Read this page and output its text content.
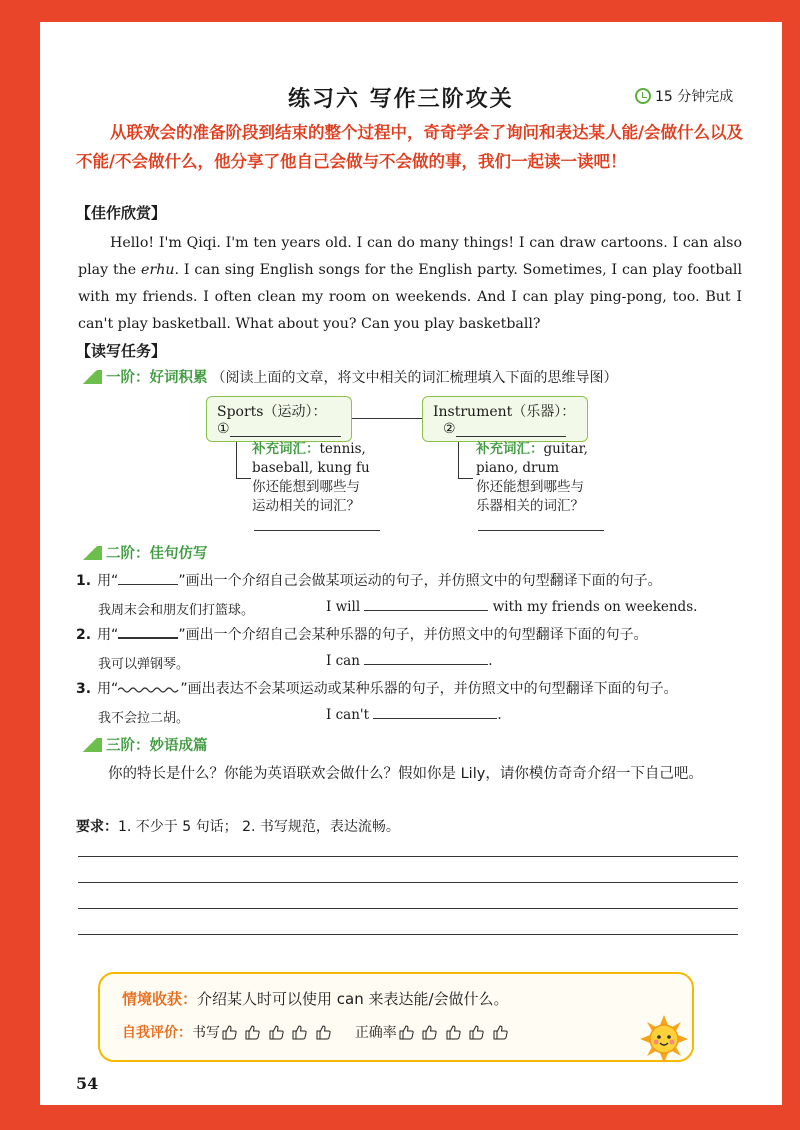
练习六 写作三阶攻关	15 分钟完成
从联欢会的准备阶段到结束的整个过程中，奇奇学会了询问和表达某人能/会做什么以及不能/不会做什么，他分享了他自己会做与不会做的事，我们一起读一读吧！
【佳作欣赏】
Hello! I'm Qiqi. I'm ten years old. I can do many things! I can draw cartoons. I can also play the erhu. I can sing English songs for the English party. Sometimes, I can play football with my friends. I often clean my room on weekends. And I can play ping-pong, too. But I can't play basketball. What about you? Can you play basketball?
【读写任务】
一阶：好词积累 （阅读上面的文章，将文中相关的词汇梳理填入下面的思维导图）
Sports（运动）：
①
Instrument（乐器）：
②
补充词汇：tennis,
baseball, kung fu
你还能想到哪些与
运动相关的词汇？
补充词汇：guitar,
piano, drum
你还能想到哪些与
乐器相关的词汇？
二阶：佳句仿写
1. 用“	”画出一个介绍自己会做某项运动的句子，并仿照文中的句型翻译下面的句子。
我周末会和朋友们打篮球。	I will	with my friends on weekends.
2. 用“	”画出一个介绍自己会某种乐器的句子，并仿照文中的句型翻译下面的句子。
我可以弹钢琴。	I can	.
3. 用“	”画出表达不会某项运动或某种乐器的句子，并仿照文中的句型翻译下面的句子。
我不会拉二胡。	I can't	.
三阶：妙语成篇
你的特长是什么？你能为英语联欢会做什么？假如你是 Lily，请你模仿奇奇介绍一下自己吧。
要求：1. 不少于 5 句话； 2. 书写规范，表达流畅。
情境收获：介绍某人时可以使用 can 来表达能/会做什么。
自我评价： 书写
	正确率

54
